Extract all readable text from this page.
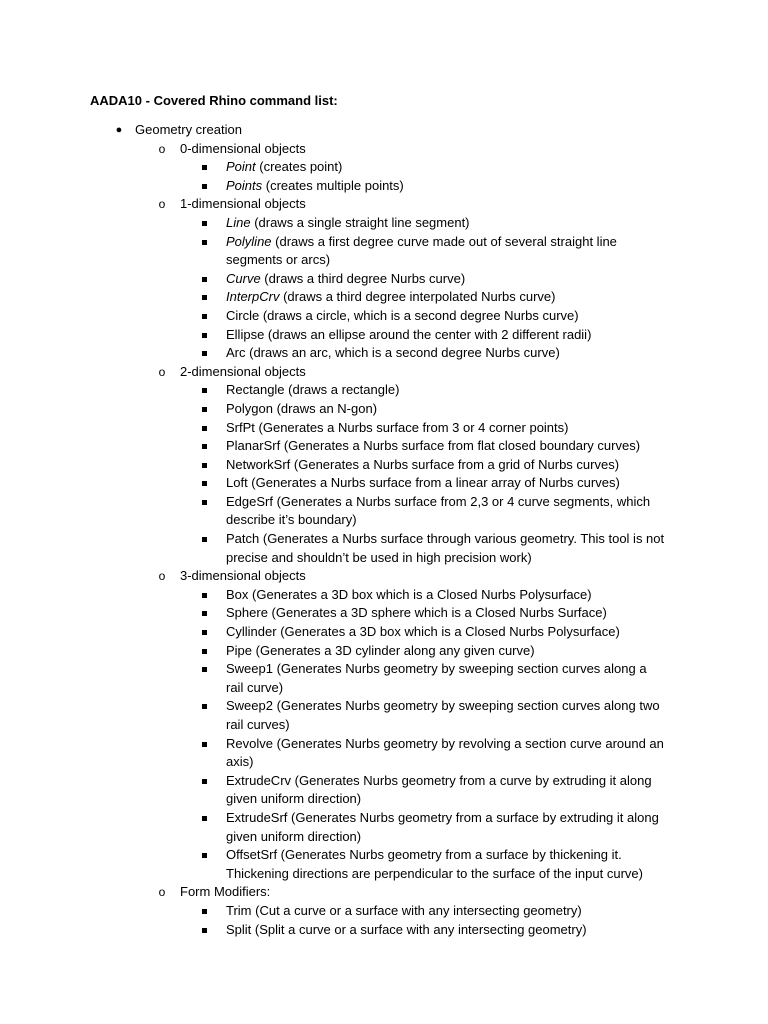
AADA10 - Covered Rhino command list:
● Geometry creation
o 0-dimensional objects
Point (creates point)
Points (creates multiple points)
o 1-dimensional objects
Line (draws a single straight line segment)
Polyline (draws a first degree curve made out of several straight line segments or arcs)
Curve (draws a third degree Nurbs curve)
InterpCrv (draws a third degree interpolated Nurbs curve)
Circle (draws a circle, which is a second degree Nurbs curve)
Ellipse (draws an ellipse around the center with 2 different radii)
Arc (draws an arc, which is a second degree Nurbs curve)
o 2-dimensional objects
Rectangle (draws a rectangle)
Polygon (draws an N-gon)
SrfPt (Generates a Nurbs surface from 3 or 4 corner points)
PlanarSrf (Generates a Nurbs surface from flat closed boundary curves)
NetworkSrf (Generates a Nurbs surface from a grid of Nurbs curves)
Loft (Generates a Nurbs surface from a linear array of Nurbs curves)
EdgeSrf (Generates a Nurbs surface from 2,3 or 4 curve segments, which describe it’s boundary)
Patch (Generates a Nurbs surface through various geometry. This tool is not precise and shouldn’t be used in high precision work)
o 3-dimensional objects
Box (Generates a 3D box which is a Closed Nurbs Polysurface)
Sphere (Generates a 3D sphere which is a Closed Nurbs Surface)
Cyllinder (Generates a 3D box which is a Closed Nurbs Polysurface)
Pipe (Generates a 3D cylinder along any given curve)
Sweep1 (Generates Nurbs geometry by sweeping section curves along a rail curve)
Sweep2 (Generates Nurbs geometry by sweeping section curves along two rail curves)
Revolve (Generates Nurbs geometry by revolving a section curve around an axis)
ExtrudeCrv (Generates Nurbs geometry from a curve by extruding it along given uniform direction)
ExtrudeSrf (Generates Nurbs geometry from a surface by extruding it along given uniform direction)
OffsetSrf (Generates Nurbs geometry from a surface by thickening it. Thickening directions are perpendicular to the surface of the input curve)
o Form Modifiers:
Trim (Cut a curve or a surface with any intersecting geometry)
Split (Split a curve or a surface with any intersecting geometry)
